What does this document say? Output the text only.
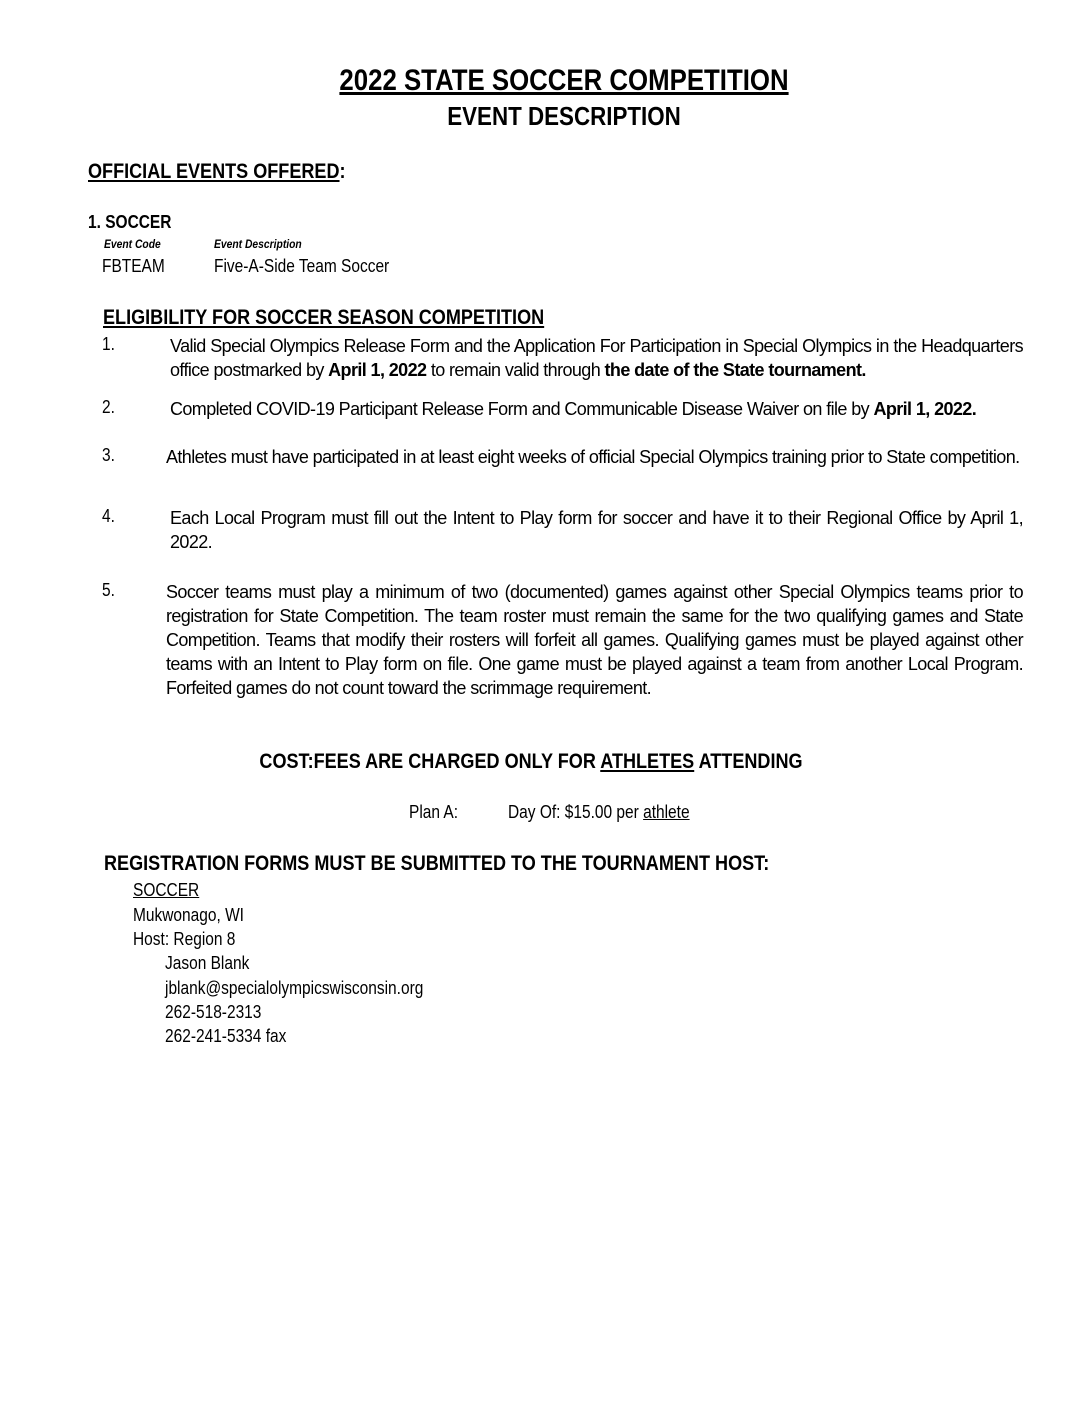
2022 STATE SOCCER COMPETITION
EVENT DESCRIPTION
OFFICIAL EVENTS OFFERED:
1. SOCCER
Event Code	Event Description
FBTEAM	Five-A-Side Team Soccer
ELIGIBILITY FOR SOCCER SEASON COMPETITION
1.	Valid Special Olympics Release Form and the Application For Participation in Special Olympics in the Headquarters office postmarked by April 1, 2022 to remain valid through the date of the State tournament.
2.	Completed COVID-19 Participant Release Form and Communicable Disease Waiver on file by April 1, 2022.
3.	Athletes must have participated in at least eight weeks of official Special Olympics training prior to State competition.
4.	Each Local Program must fill out the Intent to Play form for soccer and have it to their Regional Office by April 1, 2022.
5.	Soccer teams must play a minimum of two (documented) games against other Special Olympics teams prior to registration for State Competition. The team roster must remain the same for the two qualifying games and State Competition. Teams that modify their rosters will forfeit all games. Qualifying games must be played against other teams with an Intent to Play form on file. One game must be played against a team from another Local Program. Forfeited games do not count toward the scrimmage requirement.
COST:FEES ARE CHARGED ONLY FOR ATHLETES ATTENDING
Plan A:	Day Of: $15.00 per athlete
REGISTRATION FORMS MUST BE SUBMITTED TO THE TOURNAMENT HOST:
SOCCER
Mukwonago, WI
Host: Region 8
Jason Blank
jblank@specialolympicswisconsin.org
262-518-2313
262-241-5334 fax
